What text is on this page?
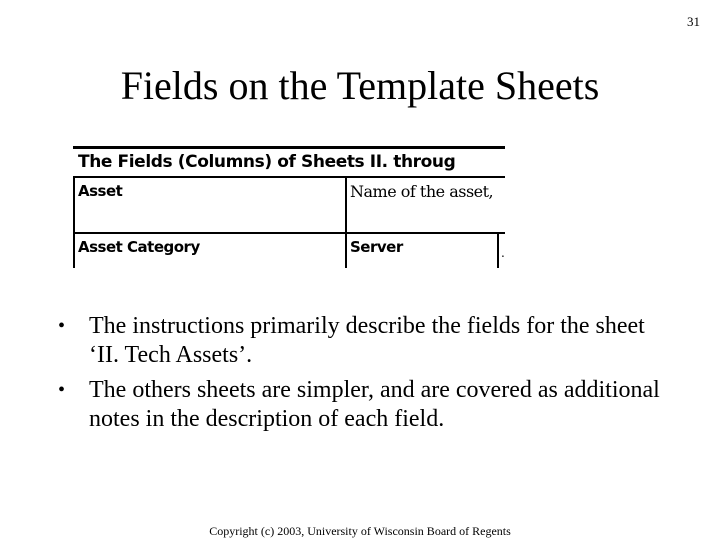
31
Fields on the Template Sheets
The Fields (Columns) of Sheets II. throug
Asset	Name of the asset,
Asset Category	Server	.
• The instructions primarily describe the fields for the sheet ‘II. Tech Assets’.
• The others sheets are simpler, and are covered as additional notes in the description of each field.
Copyright (c) 2003, University of Wisconsin Board of Regents
